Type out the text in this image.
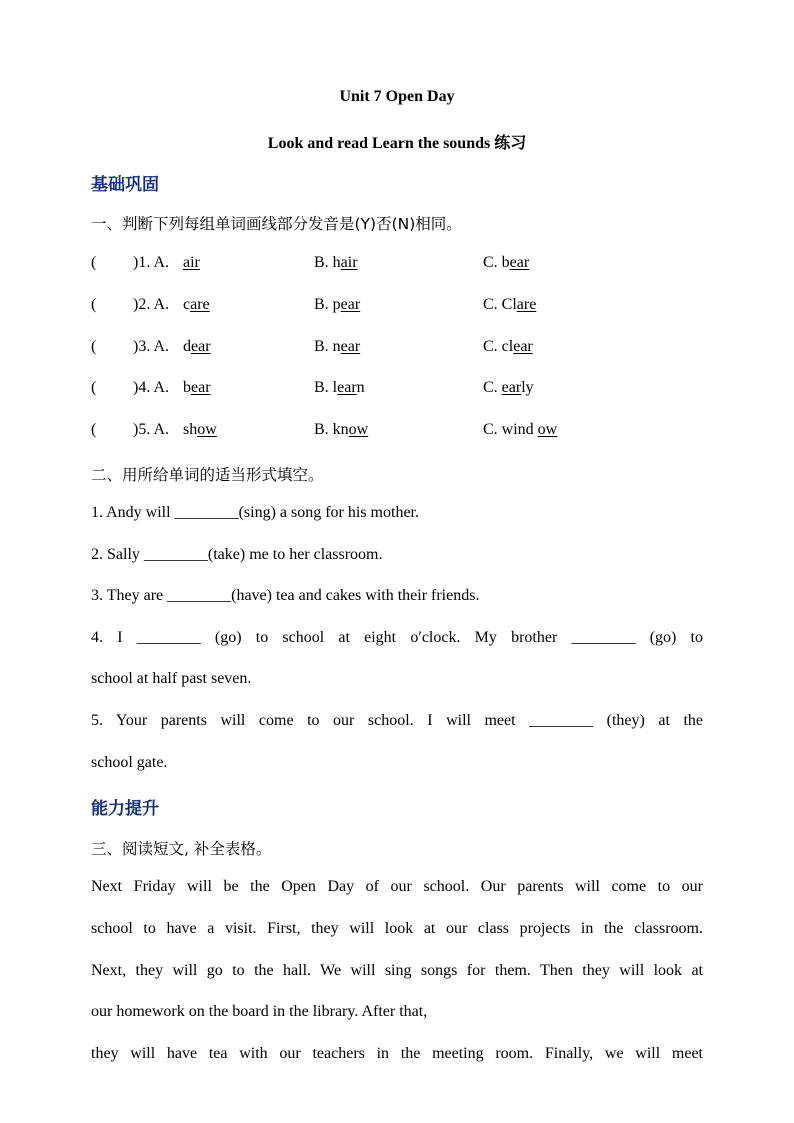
Unit 7 Open Day
Look and read Learn the sounds 练习
基础巩固
一、判断下列每组单词画线部分发音是(Y)否(N)相同。
( )1. A. air	B. hair	C. bear
( )2. A. care	B. pear	C. Clare
( )3. A. dear	B. near	C. clear
( )4. A. bear	B. learn	C. early
( )5. A. show	B. know	C. wind ow
二、用所给单词的适当形式填空。
1. Andy will ________(sing) a song for his mother.
2. Sally ________(take) me to her classroom.
3. They are ________(have) tea and cakes with their friends.
4. I ________ (go) to school at eight o′clock. My brother ________ (go) to
school at half past seven.
5. Your parents will come to our school. I will meet ________ (they) at the
school gate.
能力提升
三、阅读短文, 补全表格。
Next Friday will be the Open Day of our school. Our parents will come to our
school to have a visit. First, they will look at our class projects in the classroom.
Next, they will go to the hall. We will sing songs for them. Then they will look at
our homework on the board in the library. After that,
they will have tea with our teachers in the meeting room. Finally, we will meet
